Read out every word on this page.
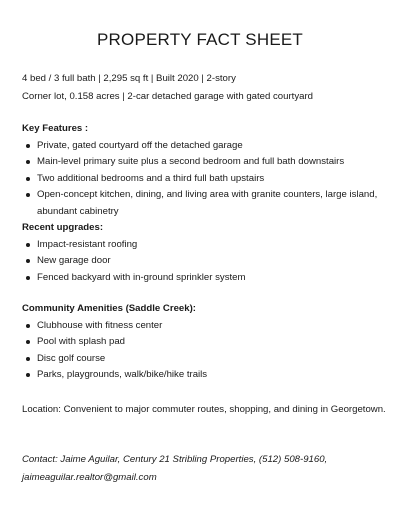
PROPERTY FACT SHEET
4 bed / 3 full bath | 2,295 sq ft | Built 2020 | 2-story
Corner lot, 0.158 acres | 2-car detached garage with gated courtyard
Key Features :
Private, gated courtyard off the detached garage
Main-level primary suite plus a second bedroom and full bath downstairs
Two additional bedrooms and a third full bath upstairs
Open-concept kitchen, dining, and living area with granite counters, large island, abundant cabinetry
Recent upgrades:
Impact-resistant roofing
New garage door
Fenced backyard with in-ground sprinkler system
Community Amenities (Saddle Creek):
Clubhouse with fitness center
Pool with splash pad
Disc golf course
Parks, playgrounds, walk/bike/hike trails
Location: Convenient to major commuter routes, shopping, and dining in Georgetown.
Contact: Jaime Aguilar, Century 21 Stribling Properties, (512) 508-9160,
jaimeaguilar.realtor@gmail.com
